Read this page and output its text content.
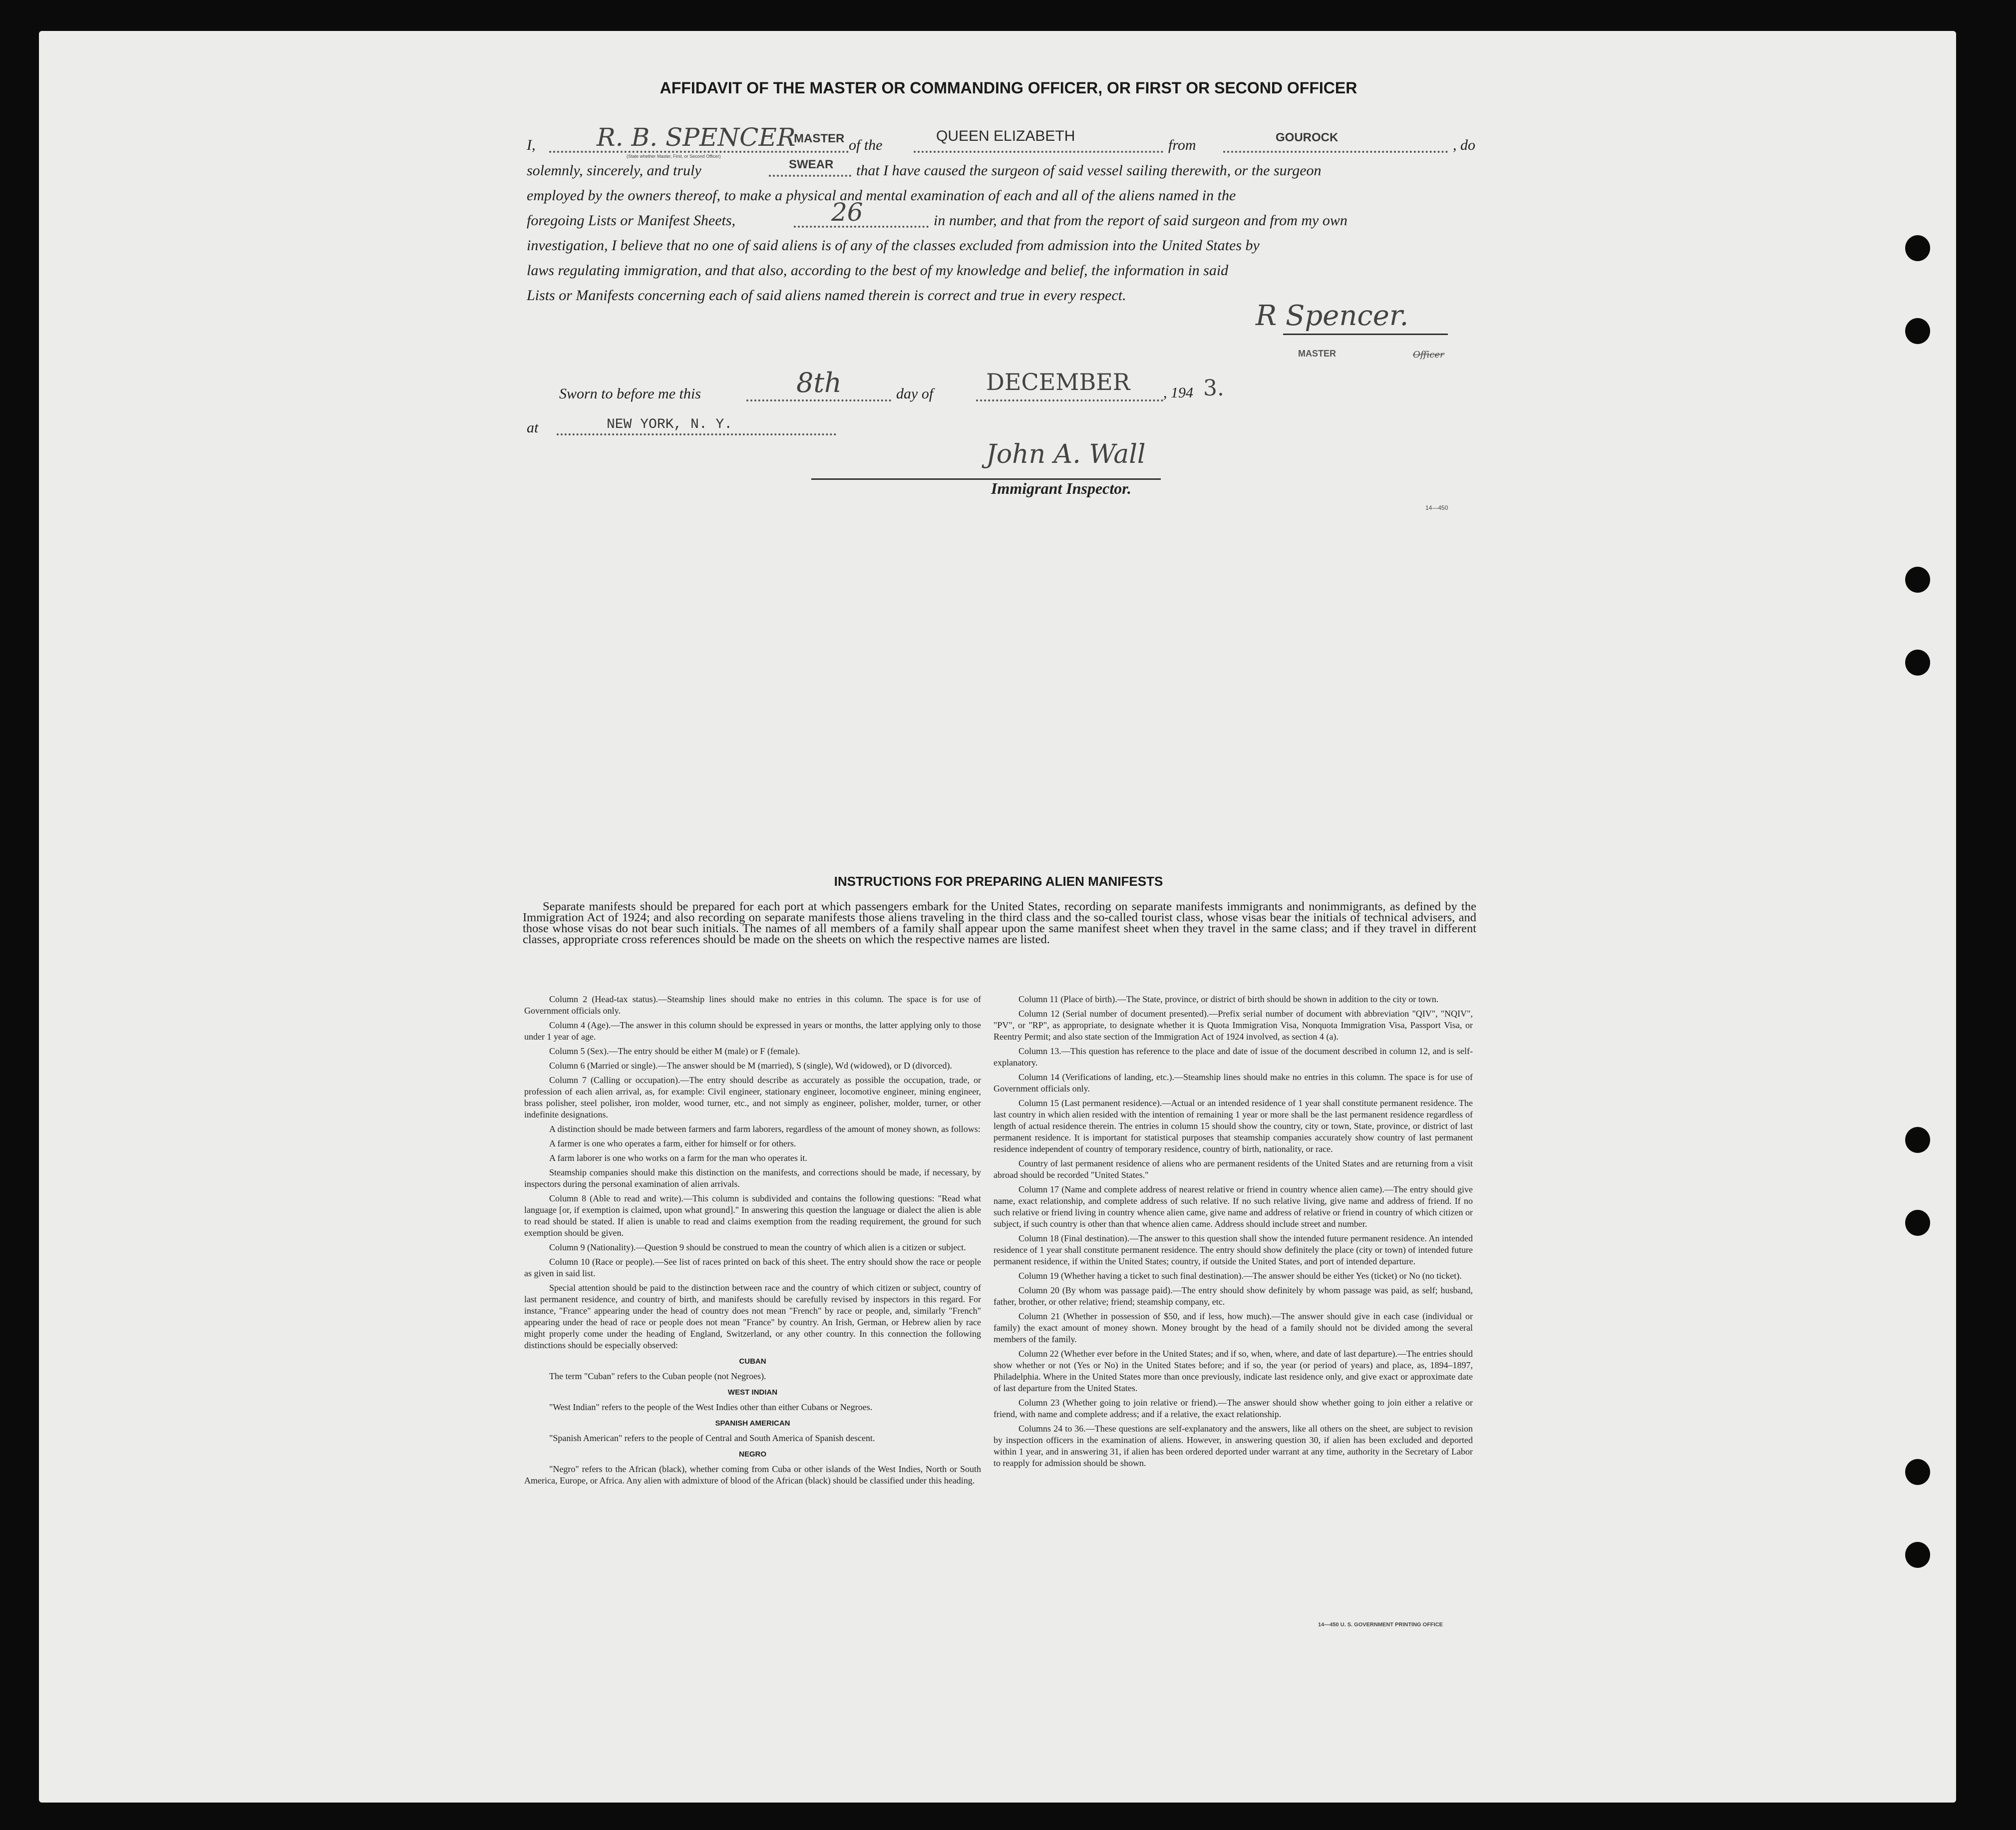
AFFIDAVIT OF THE MASTER OR COMMANDING OFFICER, OR FIRST OR SECOND OFFICER
I, R. B. SPENCER
MASTER
(State whether Master, First, or Second Officer)
of the
QUEEN ELIZABETH
from	GOUROCK	, do
solemnly, sincerely, and truly	SWEAR that I have caused the surgeon of said vessel sailing therewith, or the surgeon
employed by the owners thereof, to make a physical and mental examination of each and all of the aliens named in the
foregoing Lists or Manifest Sheets,	26	in number, and that from the report of said surgeon and from my own
investigation, I believe that no one of said aliens is of any of the classes excluded from admission into the United States by
laws regulating immigration, and that also, according to the best of my knowledge and belief, the information in said
Lists or Manifests concerning each of said aliens named therein is correct and true in every respect.
R Spencer.
MASTER	Officer
Sworn to before me this	8th	day of DECEMBER , 194 3.
at	NEW YORK, N. Y.
John A. Wall
Immigrant Inspector.
14—450
INSTRUCTIONS FOR PREPARING ALIEN MANIFESTS

Separate manifests should be prepared for each port at which passengers embark for the United States, recording on separate manifests immigrants and nonimmigrants, as defined by the Immigration Act of 1924; and also recording on separate manifests those aliens traveling in the third class and the so-called tourist class, whose visas bear the initials of technical advisers, and those whose visas do not bear such initials. The names of all members of a family shall appear upon the same manifest sheet when they travel in the same class; and if they travel in different classes, appropriate cross references should be made on the sheets on which the respective names are listed.

Column 2 (Head-tax status).—Steamship lines should make no entries in this column. The space is for use of Government officials only.

Column 4 (Age).—The answer in this column should be expressed in years or months, the latter applying only to those under 1 year of age.

Column 5 (Sex).—The entry should be either M (male) or F (female).

Column 6 (Married or single).—The answer should be M (married), S (single), Wd (widowed), or D (divorced).

Column 7 (Calling or occupation).—The entry should describe as accurately as possible the occupation, trade, or profession of each alien arrival, as, for example: Civil engineer, stationary engineer, locomotive engineer, mining engineer, brass polisher, steel polisher, iron molder, wood turner, etc., and not simply as engineer, polisher, molder, turner, or other indefinite designations.

A distinction should be made between farmers and farm laborers, regardless of the amount of money shown, as follows:

A farmer is one who operates a farm, either for himself or for others.

A farm laborer is one who works on a farm for the man who operates it.

Steamship companies should make this distinction on the manifests, and corrections should be made, if necessary, by inspectors during the personal examination of alien arrivals.

Column 8 (Able to read and write).—This column is subdivided and contains the following questions: "Read what language [or, if exemption is claimed, upon what ground]." In answering this question the language or dialect the alien is able to read should be stated. If alien is unable to read and claims exemption from the reading requirement, the ground for such exemption should be given.

Column 9 (Nationality).—Question 9 should be construed to mean the country of which alien is a citizen or subject.

Column 10 (Race or people).—See list of races printed on back of this sheet. The entry should show the race or people as given in said list.

Special attention should be paid to the distinction between race and the country of which citizen or subject, country of last permanent residence, and country of birth, and manifests should be carefully revised by inspectors in this regard. For instance, "France" appearing under the head of country does not mean "French" by race or people, and, similarly "French" appearing under the head of race or people does not mean "France" by country. An Irish, German, or Hebrew alien by race might properly come under the heading of England, Switzerland, or any other country. In this connection the following distinctions should be especially observed:

CUBAN

The term "Cuban" refers to the Cuban people (not Negroes).

WEST INDIAN

"West Indian" refers to the people of the West Indies other than either Cubans or Negroes.

SPANISH AMERICAN

"Spanish American" refers to the people of Central and South America of Spanish descent.

NEGRO

"Negro" refers to the African (black), whether coming from Cuba or other islands of the West Indies, North or South America, Europe, or Africa. Any alien with admixture of blood of the African (black) should be classified under this heading.

Column 11 (Place of birth).—The State, province, or district of birth should be shown in addition to the city or town.

Column 12 (Serial number of document presented).—Prefix serial number of document with abbreviation "QIV", "NQIV", "PV", or "RP", as appropriate, to designate whether it is Quota Immigration Visa, Nonquota Immigration Visa, Passport Visa, or Reentry Permit; and also state section of the Immigration Act of 1924 involved, as section 4 (a).

Column 13.—This question has reference to the place and date of issue of the document described in column 12, and is self-explanatory.

Column 14 (Verifications of landing, etc.).—Steamship lines should make no entries in this column. The space is for use of Government officials only.

Column 15 (Last permanent residence).—Actual or an intended residence of 1 year shall constitute permanent residence. The last country in which alien resided with the intention of remaining 1 year or more shall be the last permanent residence regardless of length of actual residence therein. The entries in column 15 should show the country, city or town, State, province, or district of last permanent residence. It is important for statistical purposes that steamship companies accurately show country of last permanent residence independent of country of temporary residence, country of birth, nationality, or race.

Country of last permanent residence of aliens who are permanent residents of the United States and are returning from a visit abroad should be recorded "United States."

Column 17 (Name and complete address of nearest relative or friend in country whence alien came).—The entry should give name, exact relationship, and complete address of such relative. If no such relative living, give name and address of friend. If no such relative or friend living in country whence alien came, give name and address of relative or friend in country of which citizen or subject, if such country is other than that whence alien came. Address should include street and number.

Column 18 (Final destination).—The answer to this question shall show the intended future permanent residence. An intended residence of 1 year shall constitute permanent residence. The entry should show definitely the place (city or town) of intended future permanent residence, if within the United States; country, if outside the United States, and port of intended departure.

Column 19 (Whether having a ticket to such final destination).—The answer should be either Yes (ticket) or No (no ticket).

Column 20 (By whom was passage paid).—The entry should show definitely by whom passage was paid, as self; husband, father, brother, or other relative; friend; steamship company, etc.

Column 21 (Whether in possession of $50, and if less, how much).—The answer should give in each case (individual or family) the exact amount of money shown. Money brought by the head of a family should not be divided among the several members of the family.

Column 22 (Whether ever before in the United States; and if so, when, where, and date of last departure).—The entries should show whether or not (Yes or No) in the United States before; and if so, the year (or period of years) and place, as, 1894–1897, Philadelphia. Where in the United States more than once previously, indicate last residence only, and give exact or approximate date of last departure from the United States.

Column 23 (Whether going to join relative or friend).—The answer should show whether going to join either a relative or friend, with name and complete address; and if a relative, the exact relationship.

Columns 24 to 36.—These questions are self-explanatory and the answers, like all others on the sheet, are subject to revision by inspection officers in the examination of aliens. However, in answering question 30, if alien has been excluded and deported within 1 year, and in answering 31, if alien has been ordered deported under warrant at any time, authority in the Secretary of Labor to reapply for admission should be shown.

14—450 U. S. GOVERNMENT PRINTING OFFICE
